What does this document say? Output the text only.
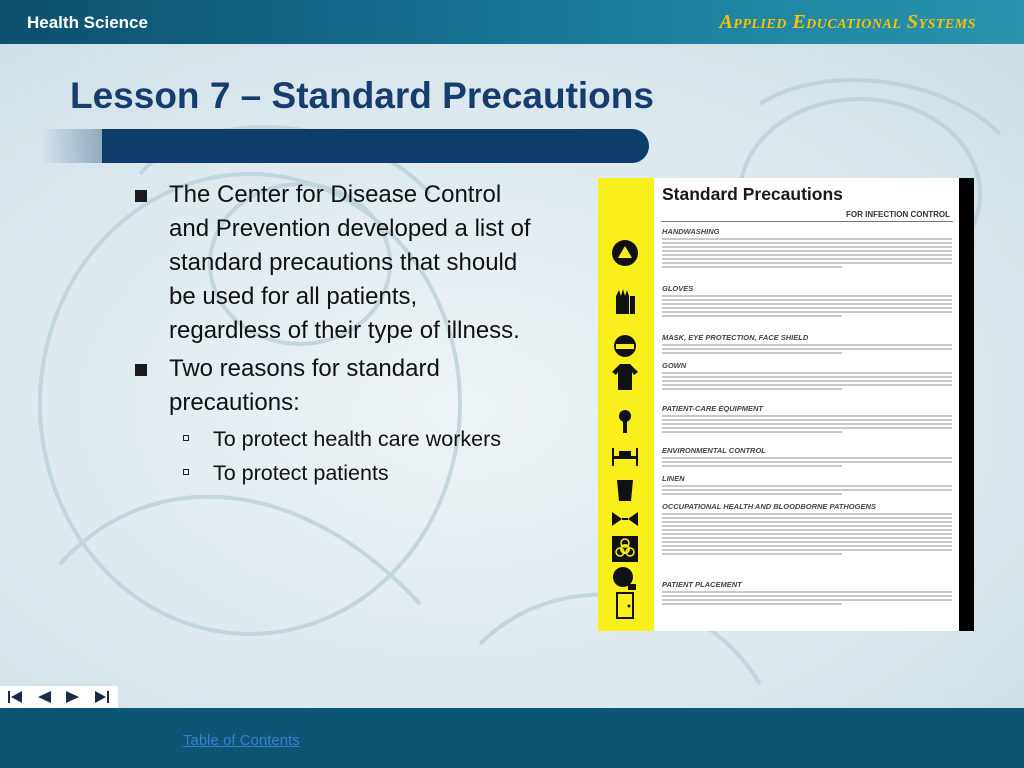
Health Science	Applied Educational Systems
Lesson 7 – Standard Precautions
The Center for Disease Control and Prevention developed a list of standard precautions that should be used for all patients, regardless of their type of illness.
Two reasons for standard precautions:
To protect health care workers
To protect patients
Standard Precautions
FOR INFECTION CONTROL
HANDWASHING
GLOVES
MASK, EYE PROTECTION, FACE SHIELD
GOWN
PATIENT-CARE EQUIPMENT
ENVIRONMENTAL CONTROL
LINEN
OCCUPATIONAL HEALTH AND BLOODBORNE PATHOGENS
PATIENT PLACEMENT
Table of Contents
